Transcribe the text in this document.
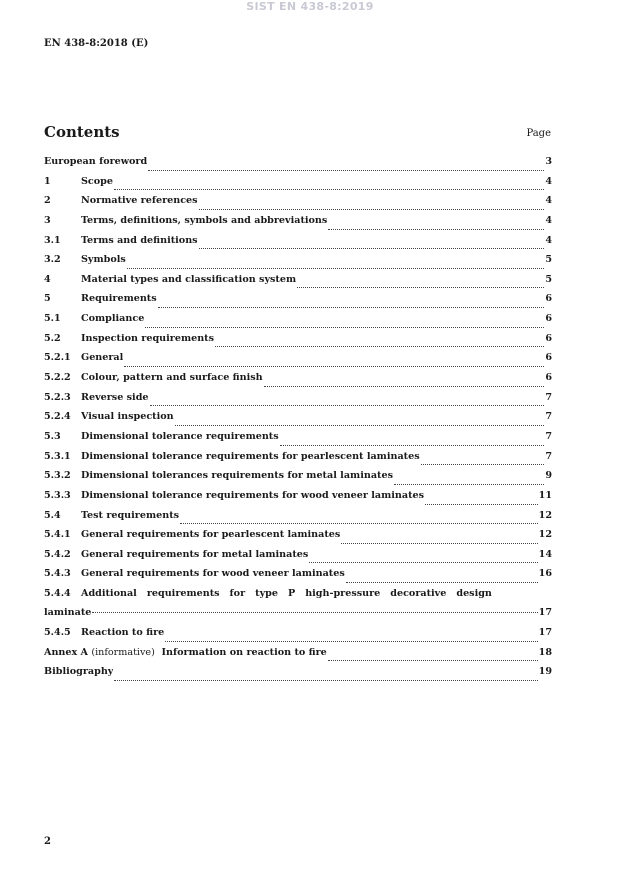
SIST EN 438-8:2019
EN 438-8:2018 (E)
Contents	Page
European foreword	3
1	Scope	4
2	Normative references	4
3	Terms, definitions, symbols and abbreviations	4
3.1	Terms and definitions	4
3.2	Symbols	5
4	Material types and classification system	5
5	Requirements	6
5.1	Compliance	6
5.2	Inspection requirements	6
5.2.1	General	6
5.2.2	Colour, pattern and surface finish	6
5.2.3	Reverse side	7
5.2.4	Visual inspection	7
5.3	Dimensional tolerance requirements	7
5.3.1	Dimensional tolerance requirements for pearlescent laminates	7
5.3.2	Dimensional tolerances requirements for metal laminates	9
5.3.3	Dimensional tolerance requirements for wood veneer laminates	11
5.4	Test requirements	12
5.4.1	General requirements for pearlescent laminates	12
5.4.2	General requirements for metal laminates	14
5.4.3	General requirements for wood veneer laminates	16
5.4.4	Additional requirements for type P high-pressure decorative design
laminate	17
5.4.5	Reaction to fire	17
Annex A (informative) Information on reaction to fire	18
Bibliography	19
2
